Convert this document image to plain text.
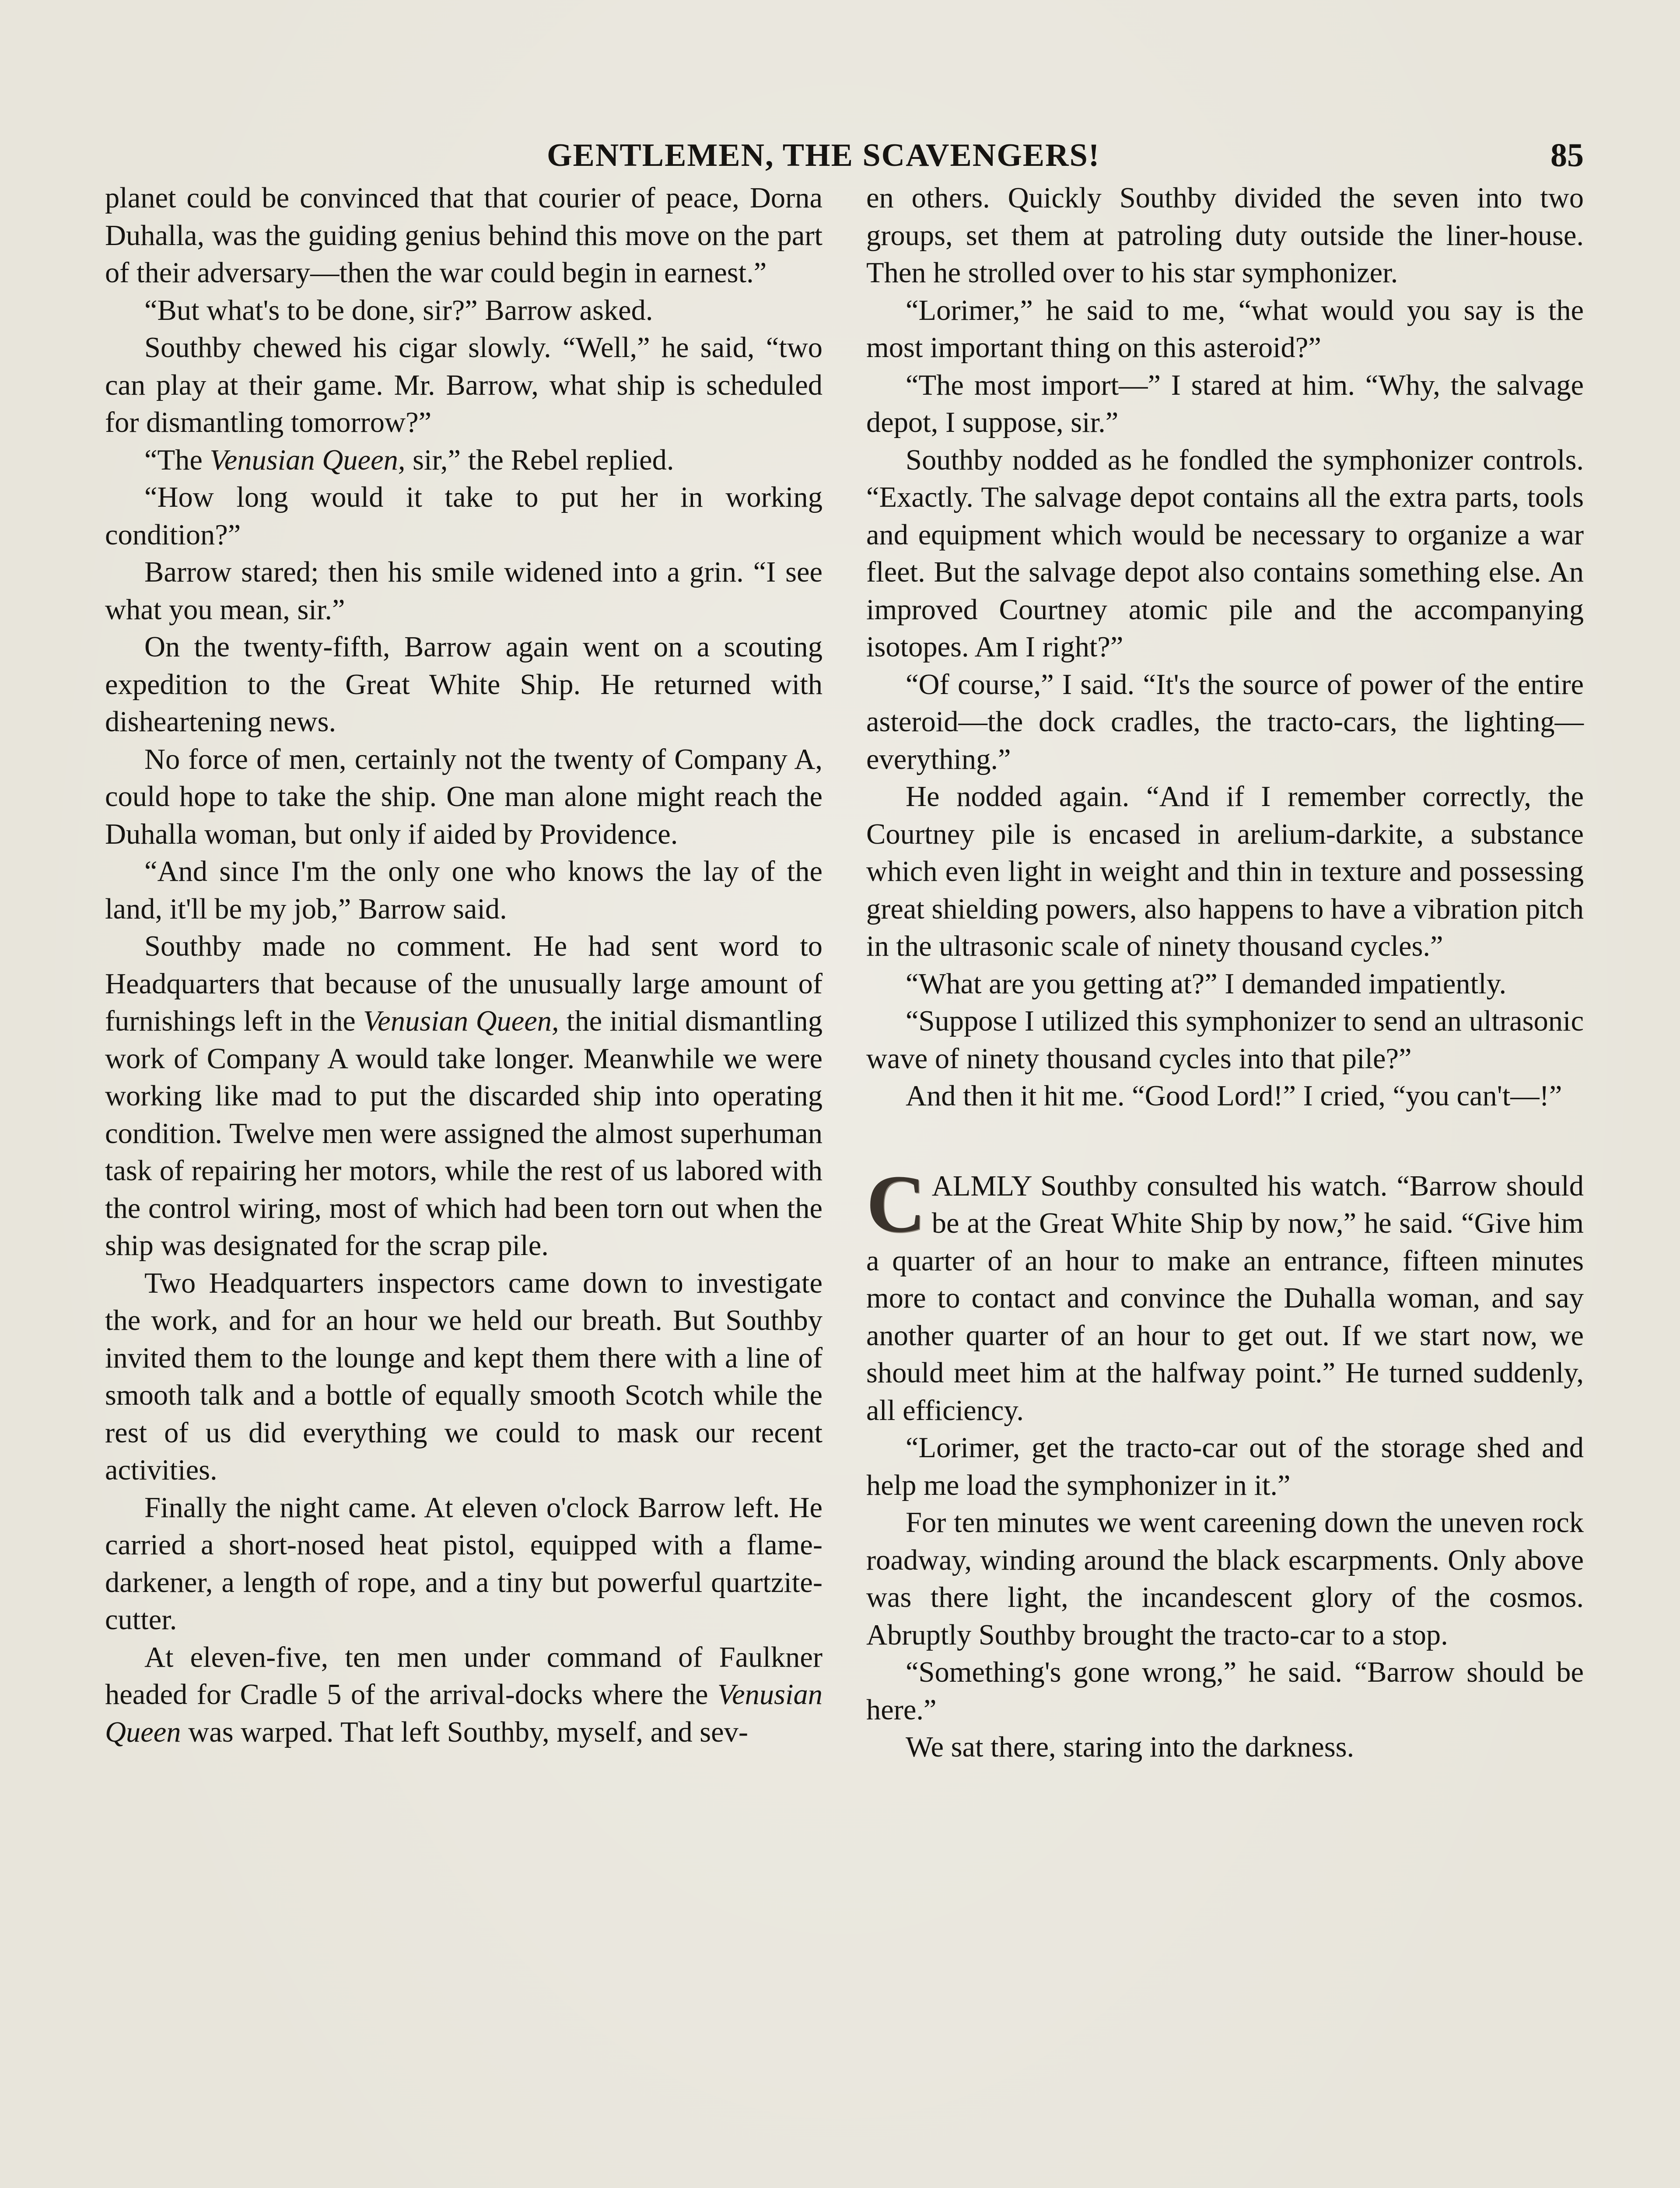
GENTLEMEN, THE SCAVENGERS!	85

planet could be convinced that that courier of peace, Dorna Duhalla, was the guiding genius behind this move on the part of their adversary—then the war could begin in earnest.”

“But what's to be done, sir?” Barrow asked.

Southby chewed his cigar slowly. “Well,” he said, “two can play at their game. Mr. Barrow, what ship is scheduled for dismantling tomorrow?”

“The Venusian Queen, sir,” the Rebel replied.

“How long would it take to put her in working condition?”

Barrow stared; then his smile widened into a grin. “I see what you mean, sir.”

On the twenty-fifth, Barrow again went on a scouting expedition to the Great White Ship. He returned with disheartening news.

No force of men, certainly not the twenty of Company A, could hope to take the ship. One man alone might reach the Duhalla woman, but only if aided by Providence.

“And since I'm the only one who knows the lay of the land, it'll be my job,” Barrow said.

Southby made no comment. He had sent word to Headquarters that because of the unusually large amount of furnishings left in the Venusian Queen, the initial dismantling work of Company A would take longer. Meanwhile we were working like mad to put the discarded ship into operating condition. Twelve men were assigned the almost superhuman task of repairing her motors, while the rest of us labored with the control wiring, most of which had been torn out when the ship was designated for the scrap pile.

Two Headquarters inspectors came down to investigate the work, and for an hour we held our breath. But Southby invited them to the lounge and kept them there with a line of smooth talk and a bottle of equally smooth Scotch while the rest of us did everything we could to mask our recent activities.

Finally the night came. At eleven o'clock Barrow left. He carried a short-nosed heat pistol, equipped with a flame-darkener, a length of rope, and a tiny but powerful quartzite-cutter.

At eleven-five, ten men under command of Faulkner headed for Cradle 5 of the arrival-docks where the Venusian Queen was warped. That left Southby, myself, and sev-

en others. Quickly Southby divided the seven into two groups, set them at patroling duty outside the liner-house. Then he strolled over to his star symphonizer.

“Lorimer,” he said to me, “what would you say is the most important thing on this asteroid?”

“The most import—” I stared at him. “Why, the salvage depot, I suppose, sir.”

Southby nodded as he fondled the symphonizer controls. “Exactly. The salvage depot contains all the extra parts, tools and equipment which would be necessary to organize a war fleet. But the salvage depot also contains something else. An improved Courtney atomic pile and the accompanying isotopes. Am I right?”

“Of course,” I said. “It's the source of power of the entire asteroid—the dock cradles, the tracto-cars, the lighting—everything.”

He nodded again. “And if I remember correctly, the Courtney pile is encased in arelium-darkite, a substance which even light in weight and thin in texture and possessing great shielding powers, also happens to have a vibration pitch in the ultrasonic scale of ninety thousand cycles.”

“What are you getting at?” I demanded impatiently.

“Suppose I utilized this symphonizer to send an ultrasonic wave of ninety thousand cycles into that pile?”

And then it hit me. “Good Lord!” I cried, “you can't—!”

CALMLY Southby consulted his watch. “Barrow should be at the Great White Ship by now,” he said. “Give him a quarter of an hour to make an entrance, fifteen minutes more to contact and convince the Duhalla woman, and say another quarter of an hour to get out. If we start now, we should meet him at the halfway point.” He turned suddenly, all efficiency.

“Lorimer, get the tracto-car out of the storage shed and help me load the symphonizer in it.”

For ten minutes we went careening down the uneven rock roadway, winding around the black escarpments. Only above was there light, the incandescent glory of the cosmos. Abruptly Southby brought the tracto-car to a stop.

“Something's gone wrong,” he said. “Barrow should be here.”

We sat there, staring into the darkness.
